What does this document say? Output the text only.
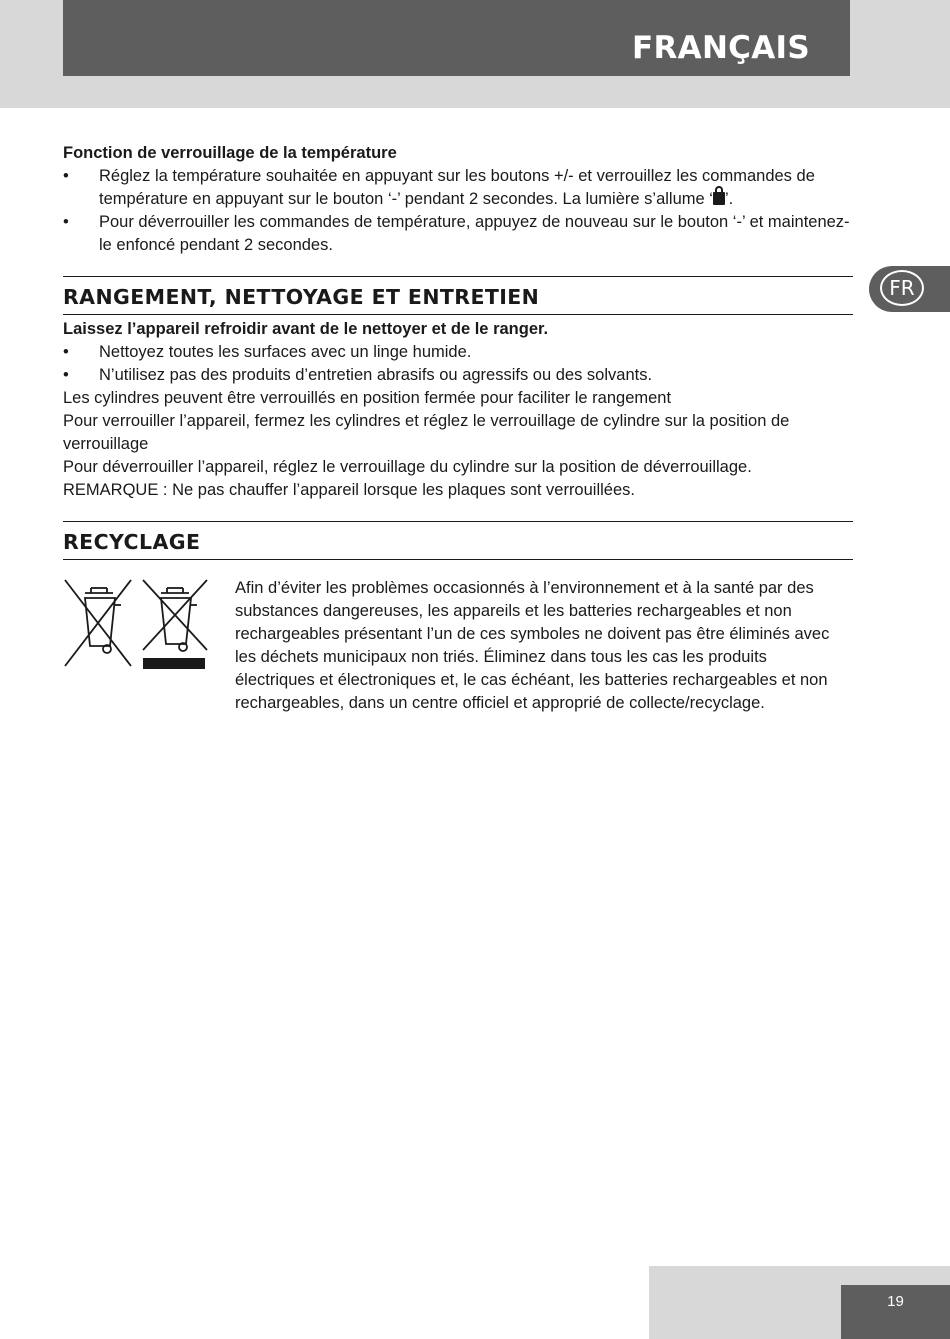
FRANÇAIS
FR

Fonction de verrouillage de la température

• Réglez la température souhaitée en appuyant sur les boutons +/- et verrouillez les commandes de température en appuyant sur le bouton ‘-’ pendant 2 secondes. La lumière s’allume ‘ ’.
• Pour déverrouiller les commandes de température, appuyez de nouveau sur le bouton ‘-’ et maintenez-le enfoncé pendant 2 secondes.
RANGEMENT, NETTOYAGE ET ENTRETIEN

Laissez l’appareil refroidir avant de le nettoyer et de le ranger.

• Nettoyez toutes les surfaces avec un linge humide.
• N’utilisez pas des produits d’entretien abrasifs ou agressifs ou des solvants.

Les cylindres peuvent être verrouillés en position fermée pour faciliter le rangement

Pour verrouiller l’appareil, fermez les cylindres et réglez le verrouillage de cylindre sur la position de verrouillage

Pour déverrouiller l’appareil, réglez le verrouillage du cylindre sur la position de déverrouillage.

REMARQUE : Ne pas chauffer l’appareil lorsque les plaques sont verrouillées.

RECYCLAGE

Afin d’éviter les problèmes occasionnés à l’environnement et à la santé par des substances dangereuses, les appareils et les batteries rechargeables et non rechargeables présentant l’un de ces symboles ne doivent pas être éliminés avec les déchets municipaux non triés. Éliminez dans tous les cas les produits électriques et électroniques et, le cas échéant, les batteries rechargeables et non rechargeables, dans un centre officiel et approprié de collecte/recyclage.

19
